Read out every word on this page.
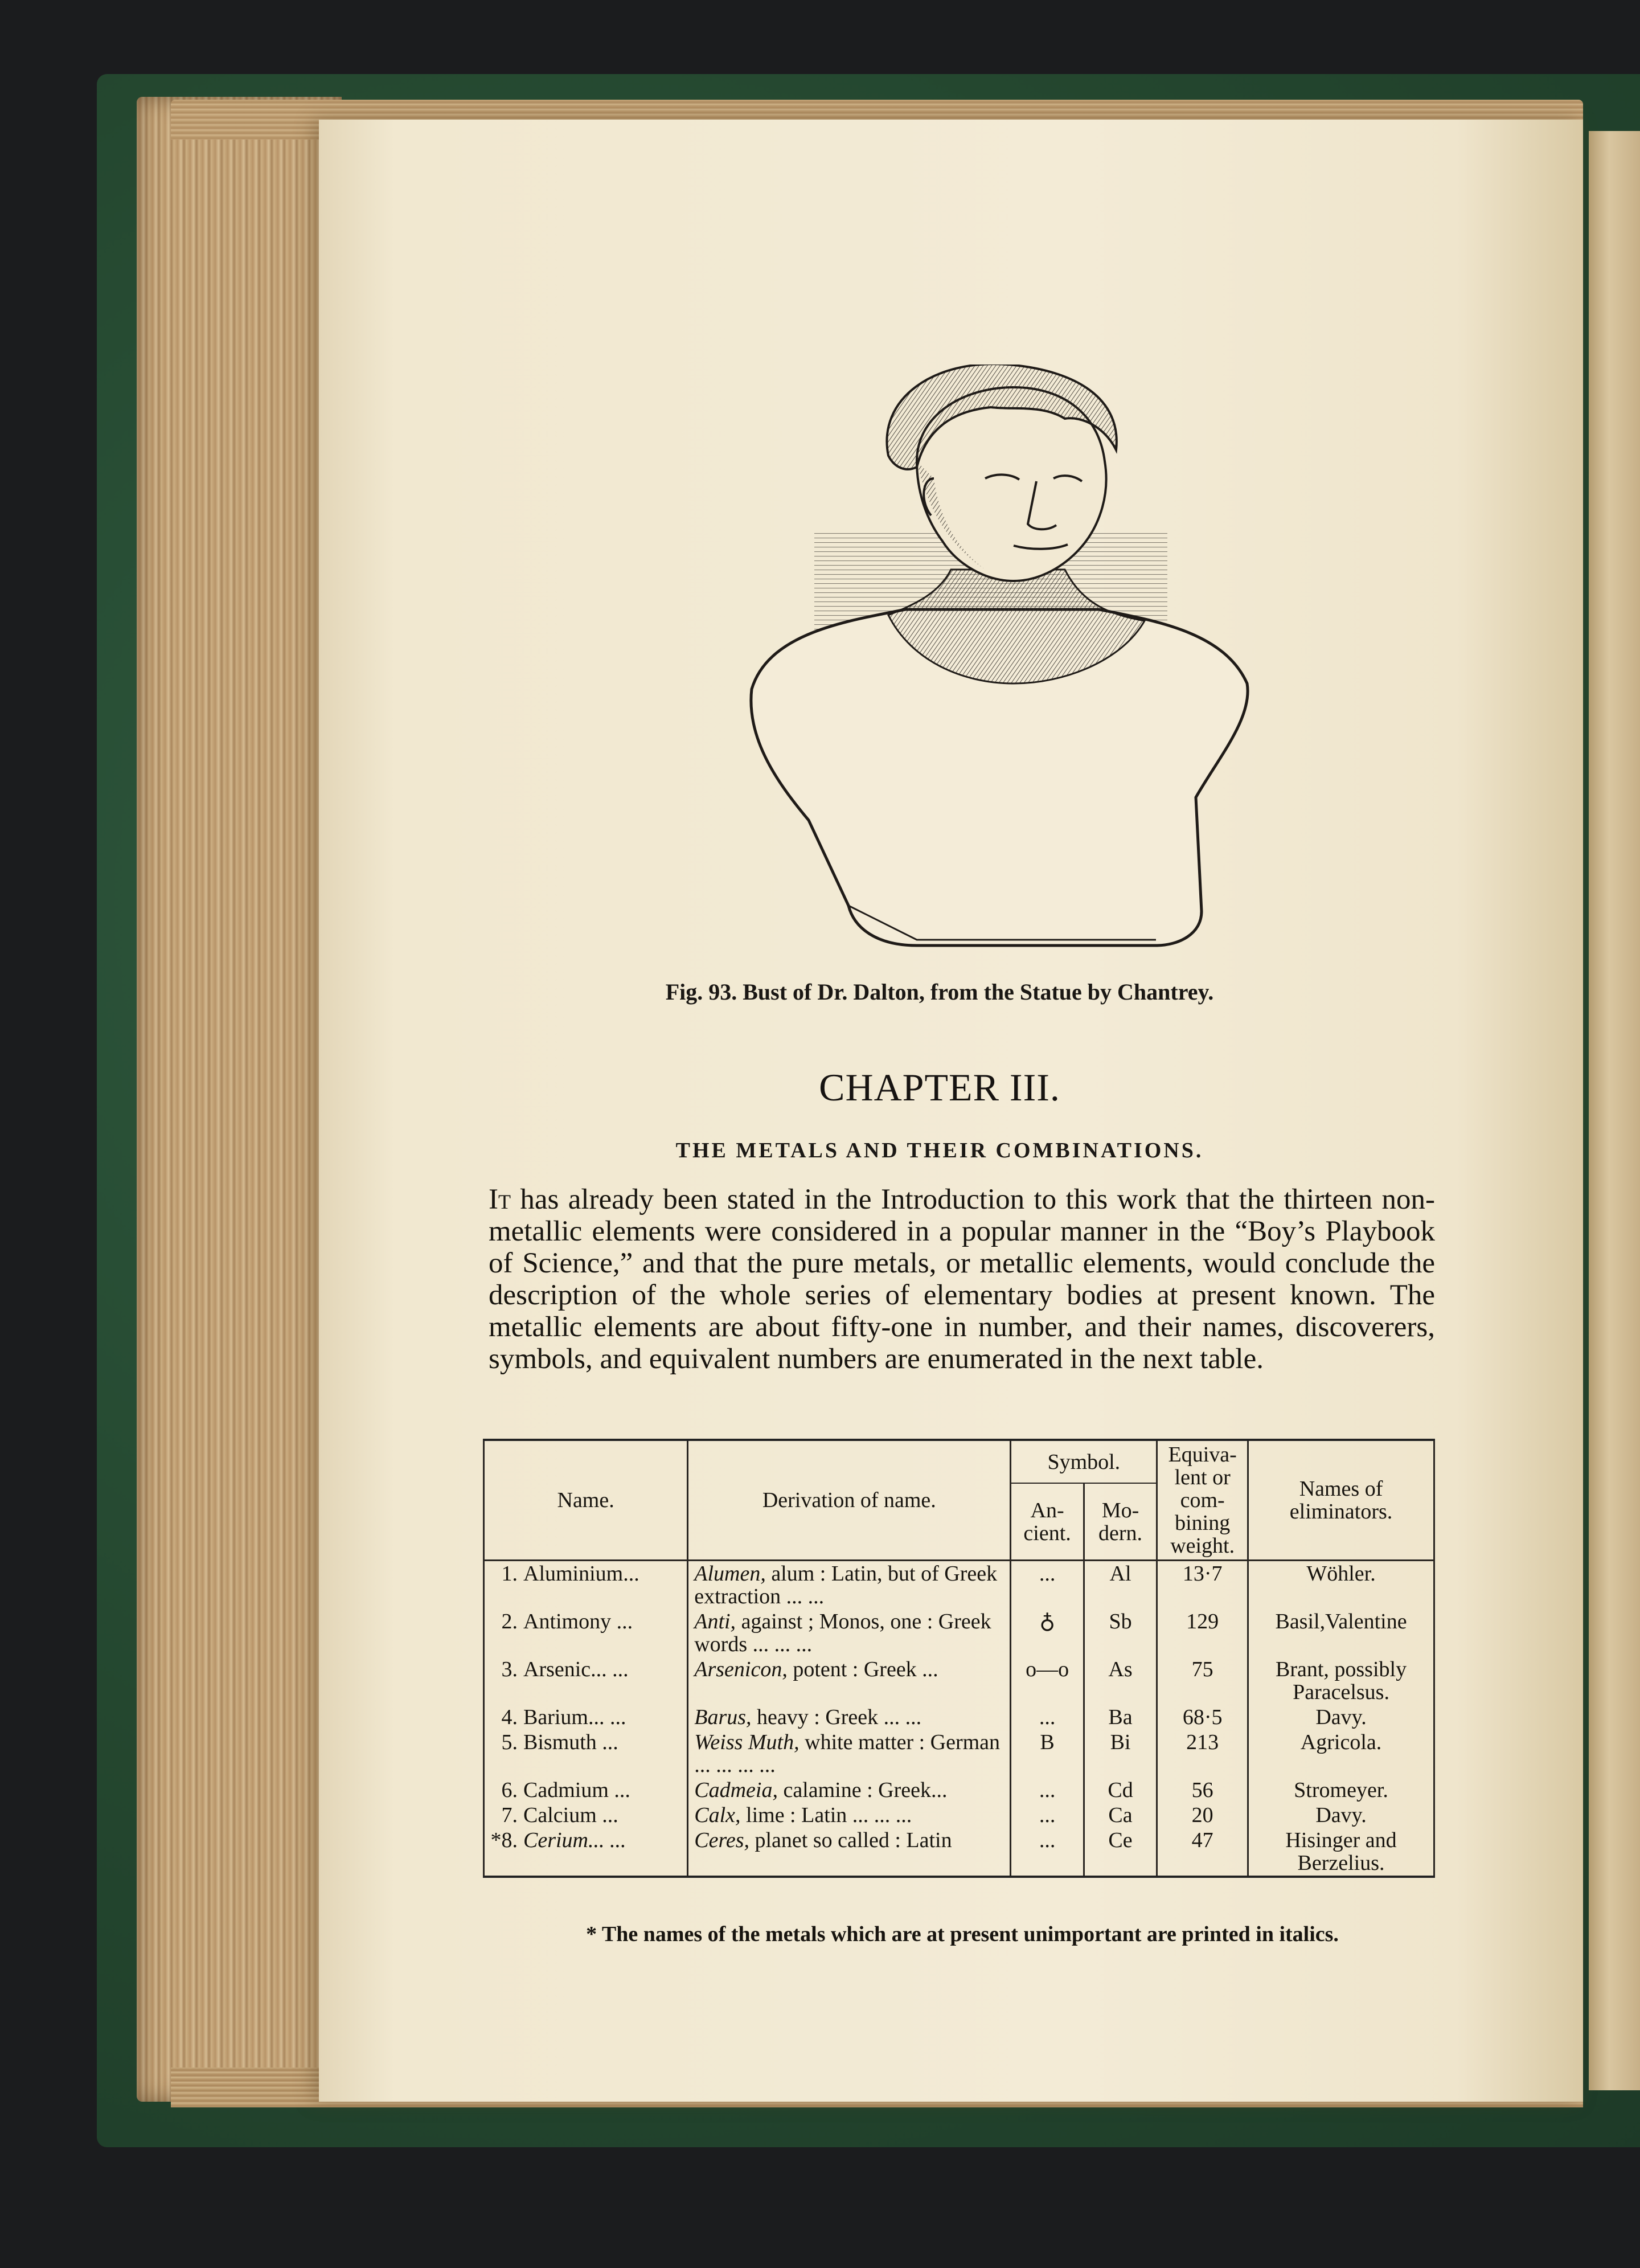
Fig. 93. Bust of Dr. Dalton, from the Statue by Chantrey.
CHAPTER III.
THE METALS AND THEIR COMBINATIONS.

It has already been stated in the Introduction to this work that the thirteen non-metallic elements were considered in a popular manner in the “Boy’s Playbook of Science,” and that the pure metals, or metallic elements, would conclude the description of the whole series of elementary bodies at present known. The metallic elements are about fifty-one in number, and their names, discoverers, symbols, and equivalent numbers are enumerated in the next table.

Name.	Derivation of name.	Symbol.		Equiva-lent or com-bining weight.	Names of eliminators.
		An-cient.	Mo-dern.		
1. Aluminium...	Alumen, alum : Latin, but of Greek extraction ... ...	...	Al	13·7	Wöhler.
2. Antimony ...	Anti, against ; Monos, one : Greek words ... ... ...	♁	Sb	129	Basil,Valentine
3. Arsenic... ...	Arsenicon, potent : Greek ...	o—o	As	75	Brant, possibly Paracelsus.
4. Barium... ...	Barus, heavy : Greek ... ...	...	Ba	68·5	Davy.
5. Bismuth ...	Weiss Muth, white matter : German ... ... ... ...	B	Bi	213	Agricola.
6. Cadmium ...	Cadmeia, calamine : Greek...	...	Cd	56	Stromeyer.
7. Calcium ...	Calx, lime : Latin ... ... ...	...	Ca	20	Davy.
*8. Cerium... ...	Ceres, planet so called : Latin	...	Ce	47	Hisinger and Berzelius.
* The names of the metals which are at present unimportant are printed in italics.
